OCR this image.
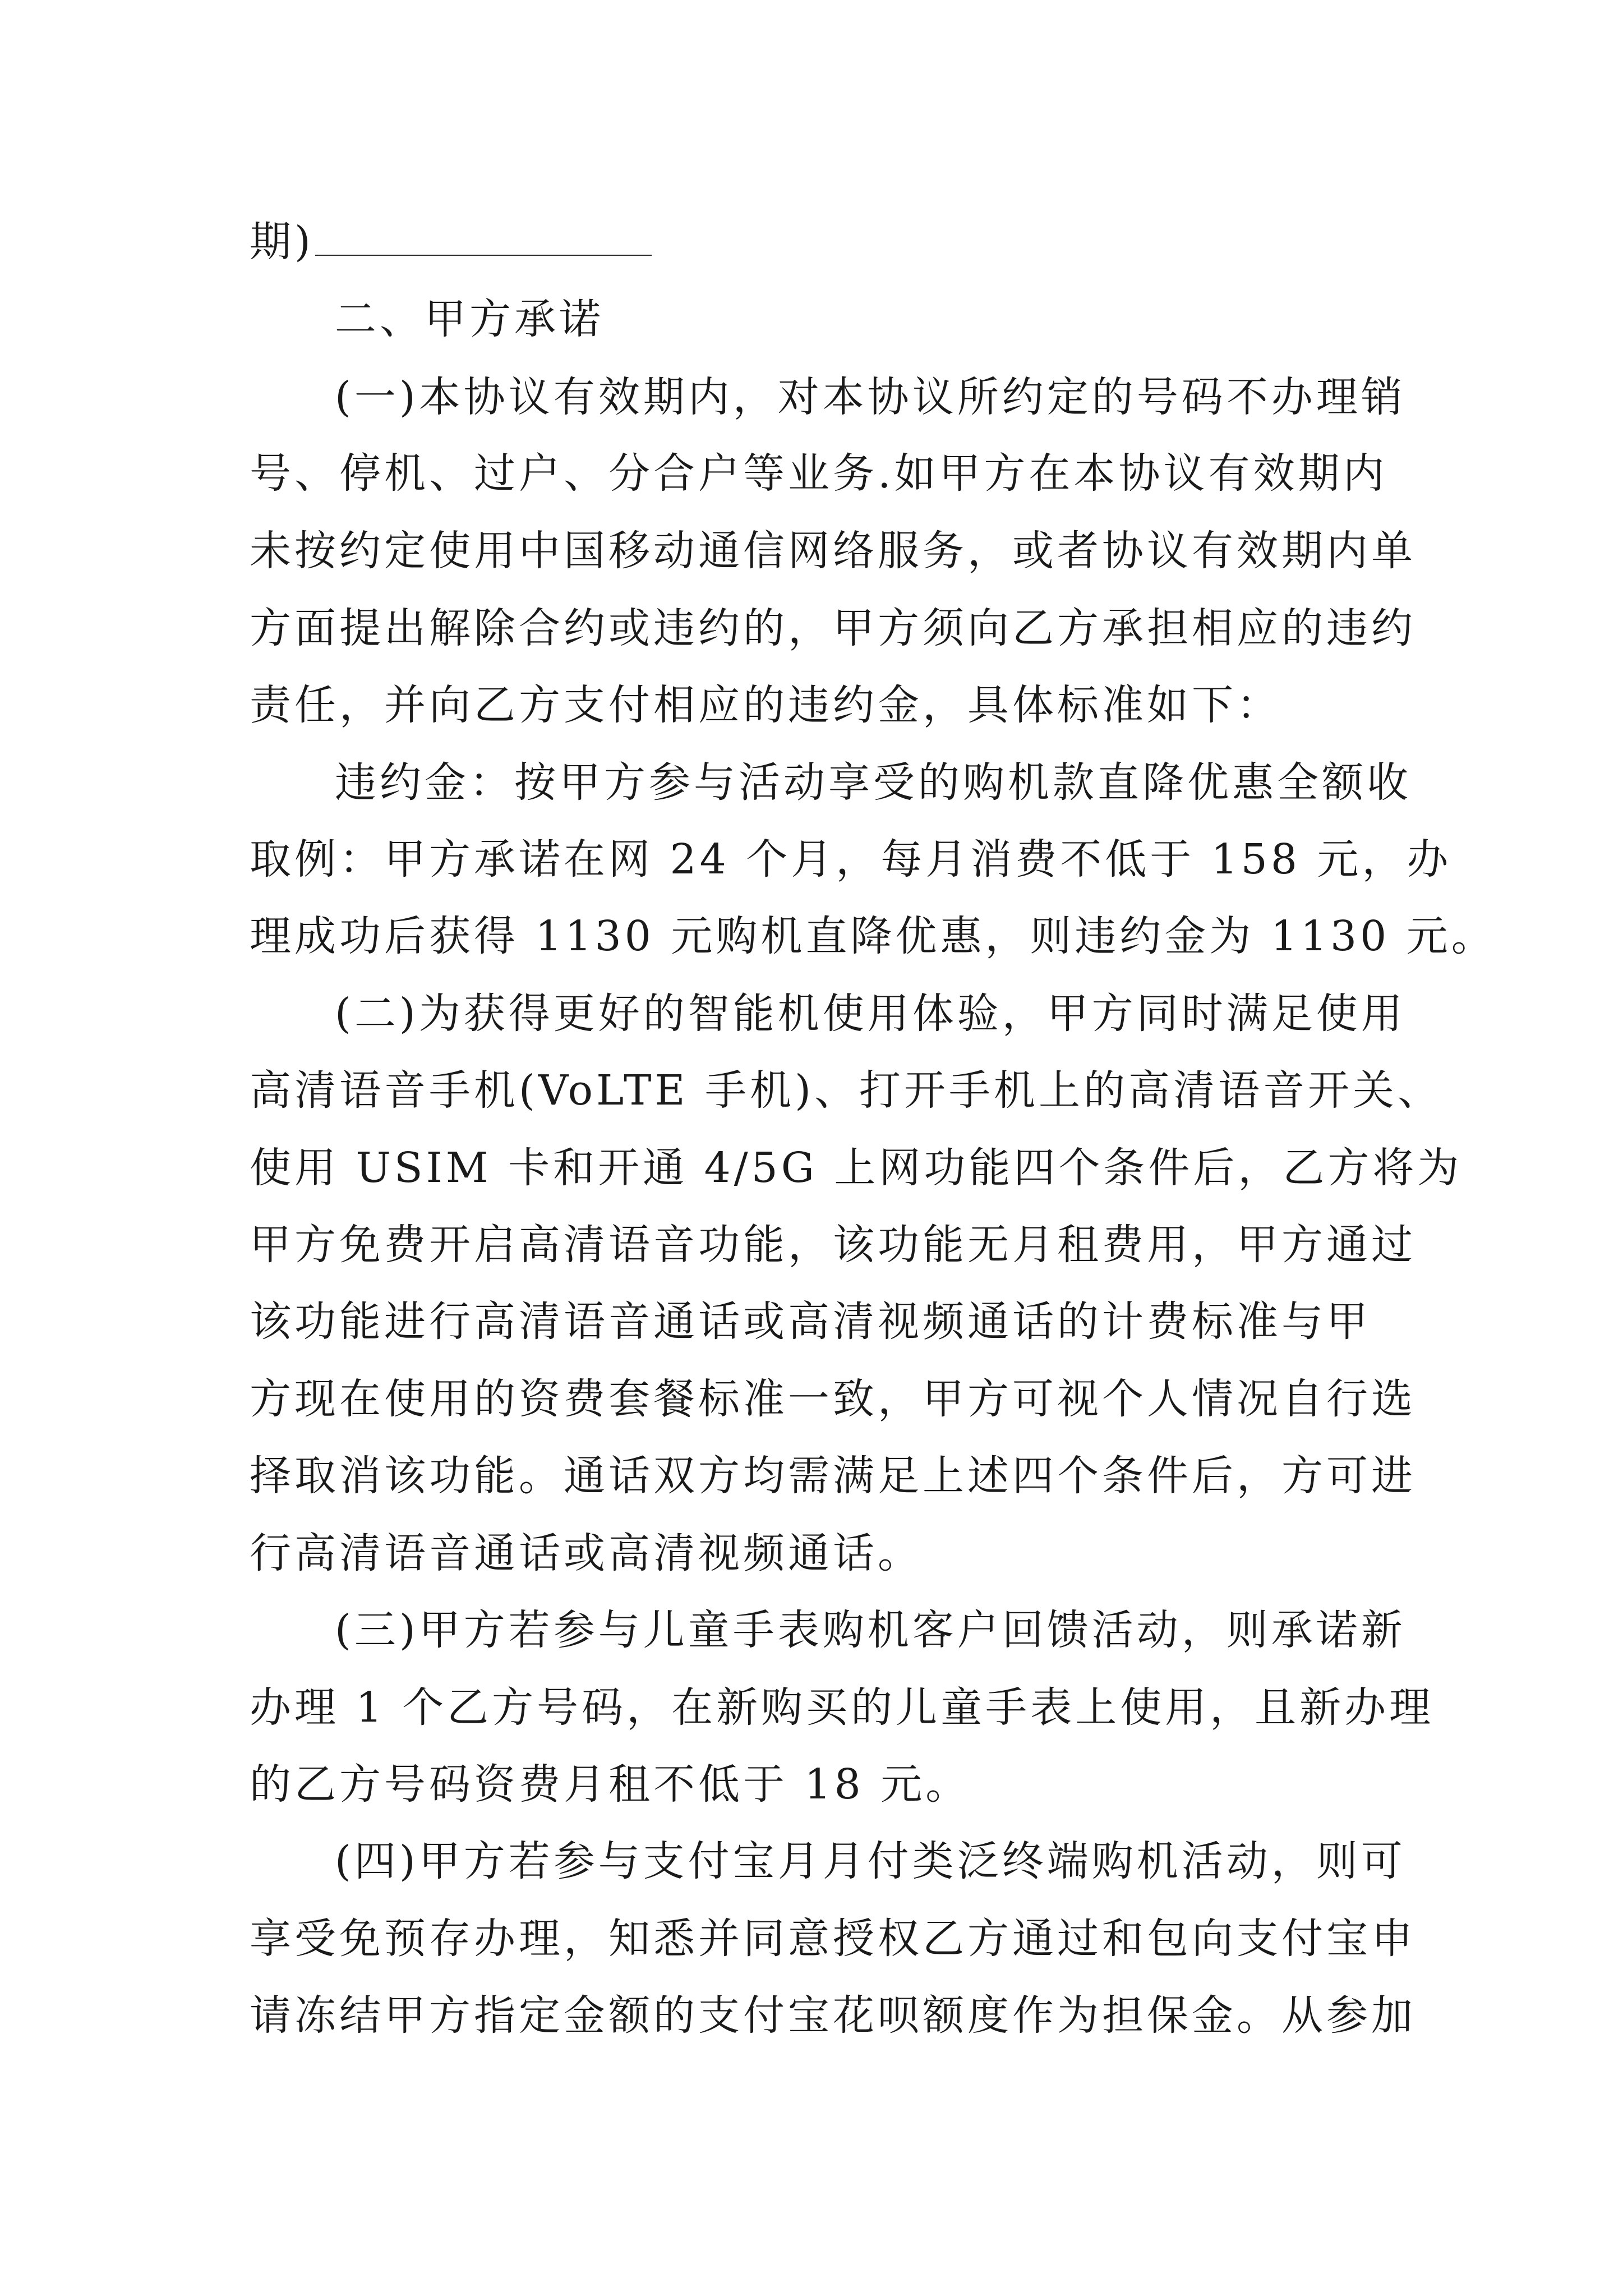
期)
二、甲方承诺
(一)本协议有效期内，对本协议所约定的号码不办理销
号、停机、过户、分合户等业务.如甲方在本协议有效期内
未按约定使用中国移动通信网络服务，或者协议有效期内单
方面提出解除合约或违约的，甲方须向乙方承担相应的违约
责任，并向乙方支付相应的违约金，具体标准如下：
违约金：按甲方参与活动享受的购机款直降优惠全额收
取例：甲方承诺在网 24 个月，每月消费不低于 158 元，办
理成功后获得 1130 元购机直降优惠，则违约金为 1130 元。
(二)为获得更好的智能机使用体验，甲方同时满足使用
高清语音手机(VoLTE 手机)、打开手机上的高清语音开关、
使用 USIM 卡和开通 4/5G 上网功能四个条件后，乙方将为
甲方免费开启高清语音功能，该功能无月租费用，甲方通过
该功能进行高清语音通话或高清视频通话的计费标准与甲
方现在使用的资费套餐标准一致，甲方可视个人情况自行选
择取消该功能。通话双方均需满足上述四个条件后，方可进
行高清语音通话或高清视频通话。
(三)甲方若参与儿童手表购机客户回馈活动，则承诺新
办理 1 个乙方号码，在新购买的儿童手表上使用，且新办理
的乙方号码资费月租不低于 18 元。
(四)甲方若参与支付宝月月付类泛终端购机活动，则可
享受免预存办理，知悉并同意授权乙方通过和包向支付宝申
请冻结甲方指定金额的支付宝花呗额度作为担保金。从参加
